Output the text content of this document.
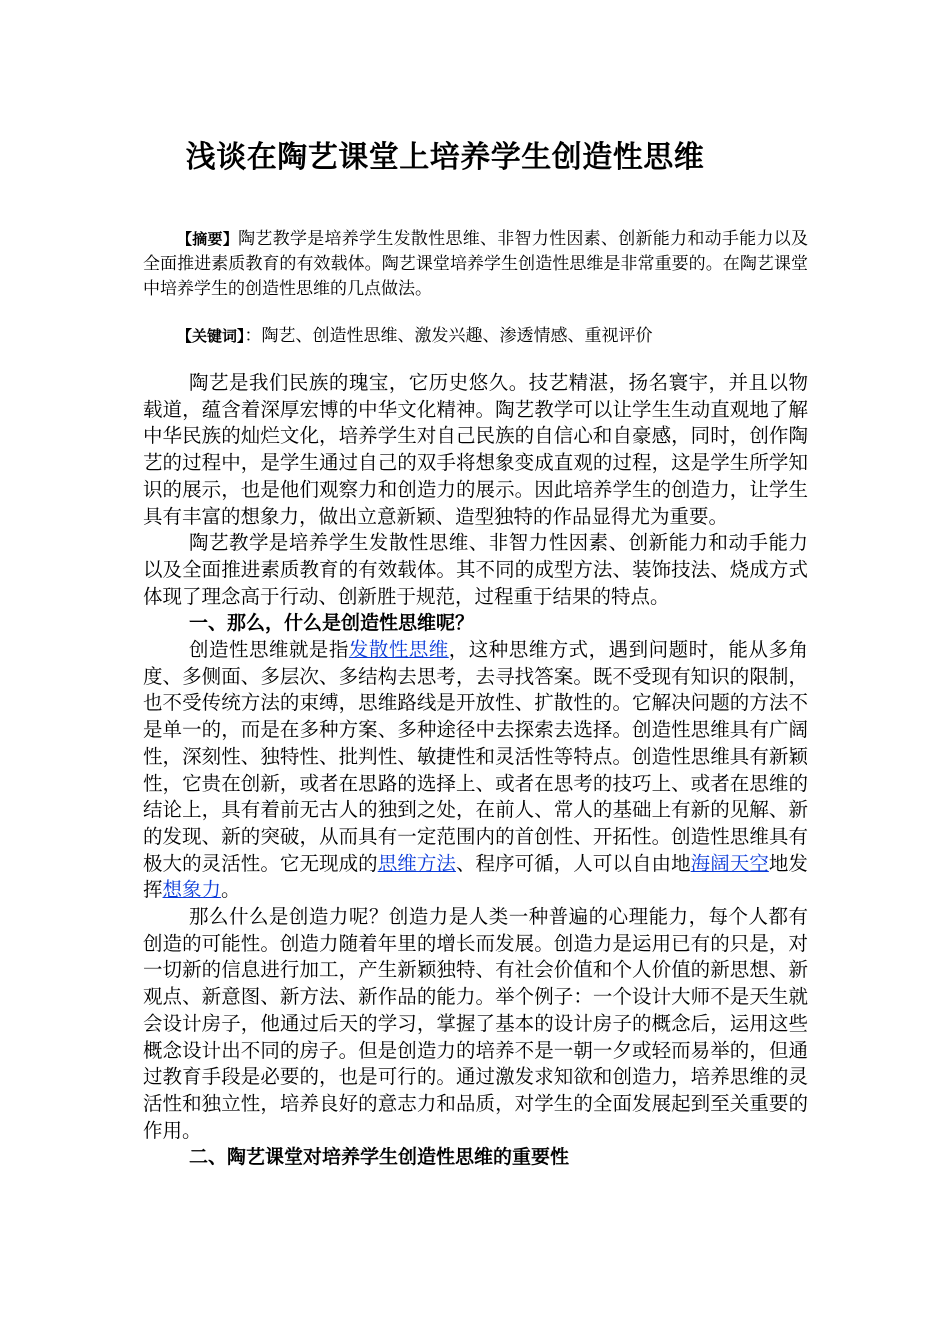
浅谈在陶艺课堂上培养学生创造性思维

【摘要】陶艺教学是培养学生发散性思维、非智力性因素、创新能力和动手能力以及全面推进素质教育的有效载体。陶艺课堂培养学生创造性思维是非常重要的。在陶艺课堂中培养学生的创造性思维的几点做法。

【关键词】：陶艺、创造性思维、激发兴趣、渗透情感、重视评价

陶艺是我们民族的瑰宝，它历史悠久。技艺精湛，扬名寰宇，并且以物载道，蕴含着深厚宏博的中华文化精神。陶艺教学可以让学生生动直观地了解中华民族的灿烂文化，培养学生对自己民族的自信心和自豪感，同时，创作陶艺的过程中，是学生通过自己的双手将想象变成直观的过程，这是学生所学知识的展示，也是他们观察力和创造力的展示。因此培养学生的创造力，让学生具有丰富的想象力，做出立意新颖、造型独特的作品显得尤为重要。

陶艺教学是培养学生发散性思维、非智力性因素、创新能力和动手能力以及全面推进素质教育的有效载体。其不同的成型方法、装饰技法、烧成方式体现了理念高于行动、创新胜于规范，过程重于结果的特点。

一、那么，什么是创造性思维呢？

创造性思维就是指发散性思维，这种思维方式，遇到问题时，能从多角度、多侧面、多层次、多结构去思考，去寻找答案。既不受现有知识的限制，也不受传统方法的束缚，思维路线是开放性、扩散性的。它解决问题的方法不是单一的，而是在多种方案、多种途径中去探索去选择。创造性思维具有广阔性，深刻性、独特性、批判性、敏捷性和灵活性等特点。创造性思维具有新颖性，它贵在创新，或者在思路的选择上、或者在思考的技巧上、或者在思维的结论上，具有着前无古人的独到之处，在前人、常人的基础上有新的见解、新的发现、新的突破，从而具有一定范围内的首创性、开拓性。创造性思维具有极大的灵活性。它无现成的思维方法、程序可循，人可以自由地海阔天空地发挥想象力。

那么什么是创造力呢？创造力是人类一种普遍的心理能力，每个人都有创造的可能性。创造力随着年里的增长而发展。创造力是运用已有的只是，对一切新的信息进行加工，产生新颖独特、有社会价值和个人价值的新思想、新观点、新意图、新方法、新作品的能力。举个例子：一个设计大师不是天生就会设计房子，他通过后天的学习，掌握了基本的设计房子的概念后，运用这些概念设计出不同的房子。但是创造力的培养不是一朝一夕或轻而易举的，但通过教育手段是必要的，也是可行的。通过激发求知欲和创造力，培养思维的灵活性和独立性，培养良好的意志力和品质，对学生的全面发展起到至关重要的作用。

二、陶艺课堂对培养学生创造性思维的重要性
